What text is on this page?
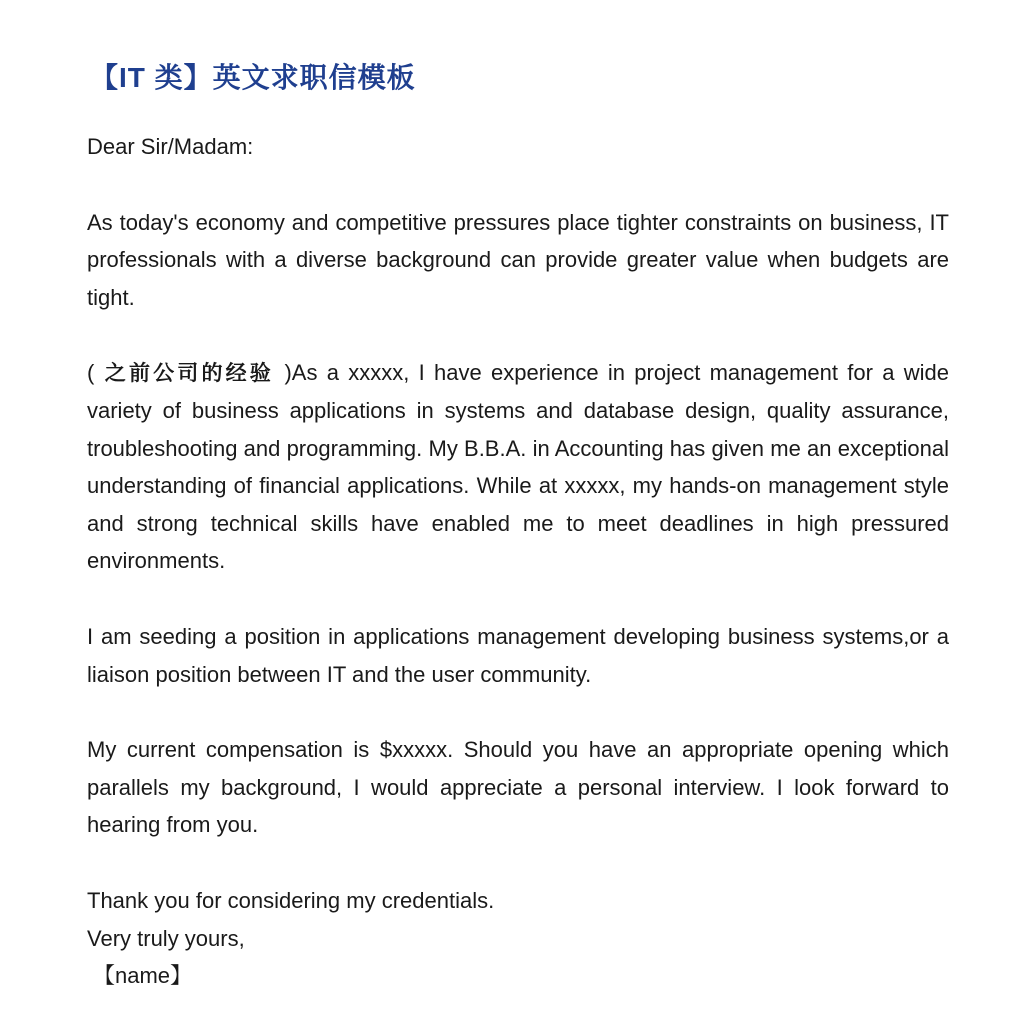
【IT 类】英文求职信模板

Dear Sir/Madam:

As today's economy and competitive pressures place tighter constraints on business, IT professionals with a diverse background can provide greater value when budgets are tight.

( 之前公司的经验 )As a xxxxx, I have experience in project management for a wide variety of business applications in systems and database design, quality assurance, troubleshooting and programming. My B.B.A. in Accounting has given me an exceptional understanding of financial applications. While at xxxxx, my hands-on management style and strong technical skills have enabled me to meet deadlines in high pressured environments.

I am seeding a position in applications management developing business systems,or a liaison position between IT and the user community.

My current compensation is $xxxxx. Should you have an appropriate opening which parallels my background, I would appreciate a personal interview. I look forward to hearing from you.

Thank you for considering my credentials.

Very truly yours,

【name】
